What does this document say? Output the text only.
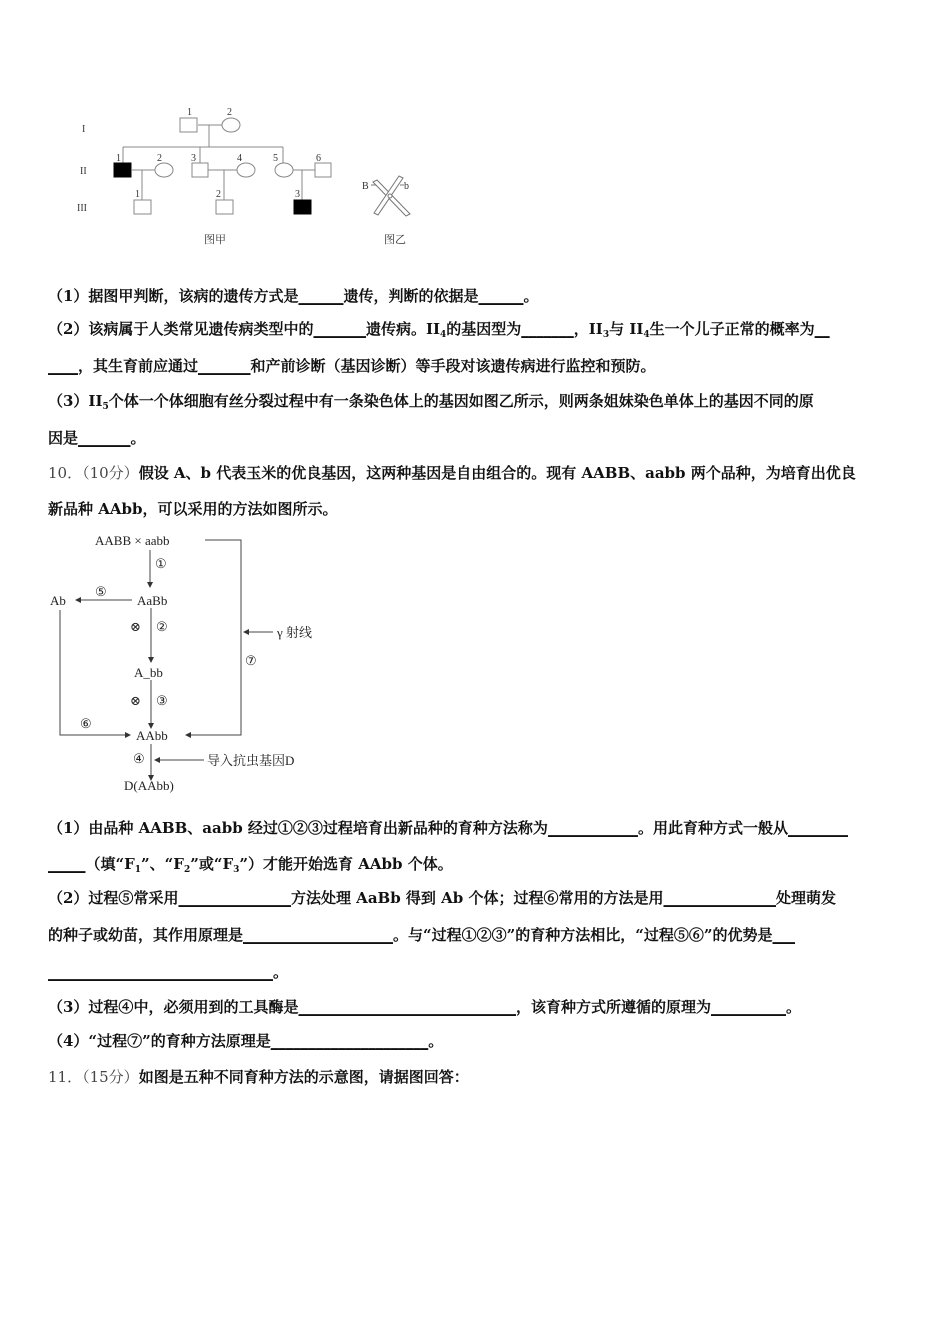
I
II
III
1	2
1	2	3	4	5	6
1	2	3
B	b
图甲	图乙
（1）据图甲判断，该病的遗传方式是______遗传，判断的依据是______。
（2）该病属于人类常见遗传病类型中的_______遗传病。$II_4$的基因型为_______，$II_3$与 $II_4$生一个儿子正常的概率为__
____，其生育前应通过_______和产前诊断（基因诊断）等手段对该遗传病进行监控和预防。
$(3)II_5$个体一个体细胞有丝分裂过程中有一条染色体上的基因如图乙所示，则两条姐妹染色单体上的基因不同的原
因是_______。
10．（10分）假设 A、b 代表玉米的优良基因，这两种基因是自由组合的。现有 AABB、aabb 两个品种，为培育出优良
新品种 AAbb，可以采用的方法如图所示。
AABB × aabb
AaBb
Ab
A_bb
AAbb
D(AAbb)
γ 射线
导入抗虫基因D
①
②
③
④
⑤
⑥
⑦
⊗
⊗
（1）由品种 AABB、aabb 经过①②③过程培育出新品种的育种方法称为____________。用此育种方式一般从________
_____（填“$F_1$”、“$F_2$”或“$F_3$”）才能开始选育 AAbb 个体。
（2）过程⑤常采用_______________方法处理 AaBb 得到 Ab 个体；过程⑥常用的方法是用_______________处理萌发
的种子或幼苗，其作用原理是____________________。与“过程①②③”的育种方法相比，“过程⑤⑥”的优势是___
______________________________。
（3）过程④中，必须用到的工具酶是_____________________________，该育种方式所遵循的原理为__________。
（4）“过程⑦”的育种方法原理是_____________________。
11．（15分）如图是五种不同育种方法的示意图，请据图回答：
